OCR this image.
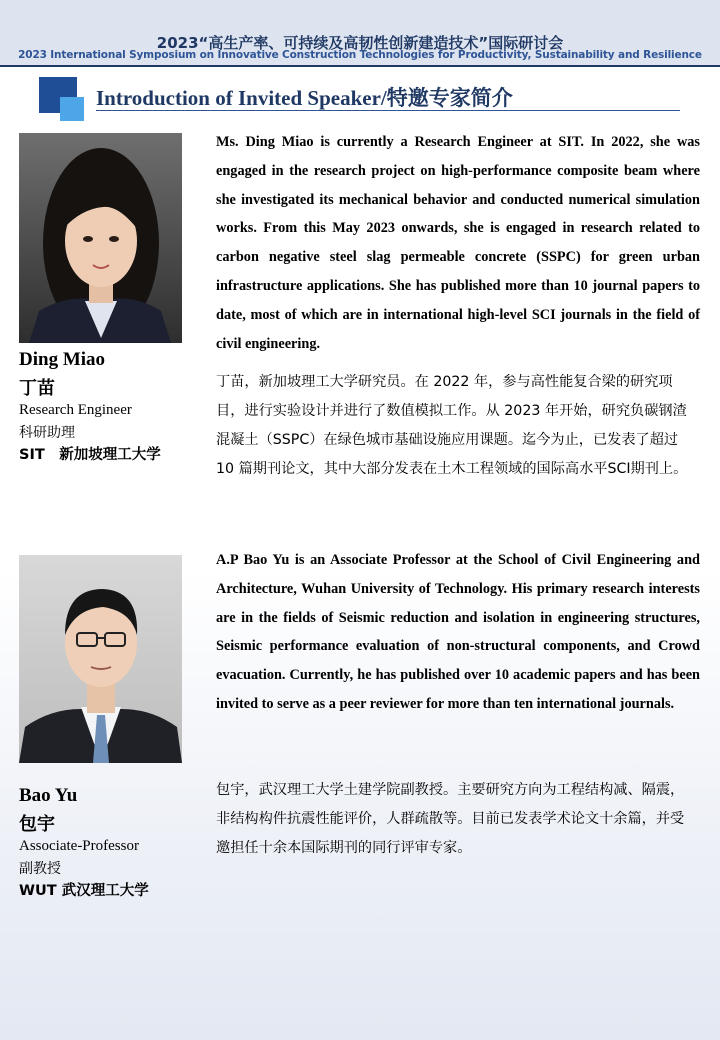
2023“高生产率、可持续及高韧性创新建造技术”国际研讨会
2023 International Symposium on Innovative Construction Technologies for Productivity, Sustainability and Resilience
Introduction of Invited Speaker/特邀专家简介
Ding Miao
丁苗
Research Engineer
科研助理
SIT　新加坡理工大学

Ms. Ding Miao is currently a Research Engineer at SIT. In 2022, she was engaged in the research project on high-performance composite beam where she investigated its mechanical behavior and conducted numerical simulation works. From this May 2023 onwards, she is engaged in research related to carbon negative steel slag permeable concrete (SSPC) for green urban infrastructure applications. She has published more than 10 journal papers to date, most of which are in international high-level SCI journals in the field of civil engineering.

丁苗，新加坡理工大学研究员。在 2022 年，参与高性能复合梁的研究项目，进行实验设计并进行了数值模拟工作。从 2023 年开始，研究负碳钢渣混凝土（SSPC）在绿色城市基础设施应用课题。迄今为止，已发表了超过 10 篇期刊论文，其中大部分发表在土木工程领域的国际高水平SCI期刊上。

Bao Yu
包宇
Associate-Professor
副教授
WUT 武汉理工大学

A.P Bao Yu is an Associate Professor at the School of Civil Engineering and Architecture, Wuhan University of Technology. His primary research interests are in the fields of Seismic reduction and isolation in engineering structures, Seismic performance evaluation of non-structural components, and Crowd evacuation. Currently, he has published over 10 academic papers and has been invited to serve as a peer reviewer for more than ten international journals.

包宇，武汉理工大学土建学院副教授。主要研究方向为工程结构减、隔震，非结构构件抗震性能评价，人群疏散等。目前已发表学术论文十余篇，并受邀担任十余本国际期刊的同行评审专家。
